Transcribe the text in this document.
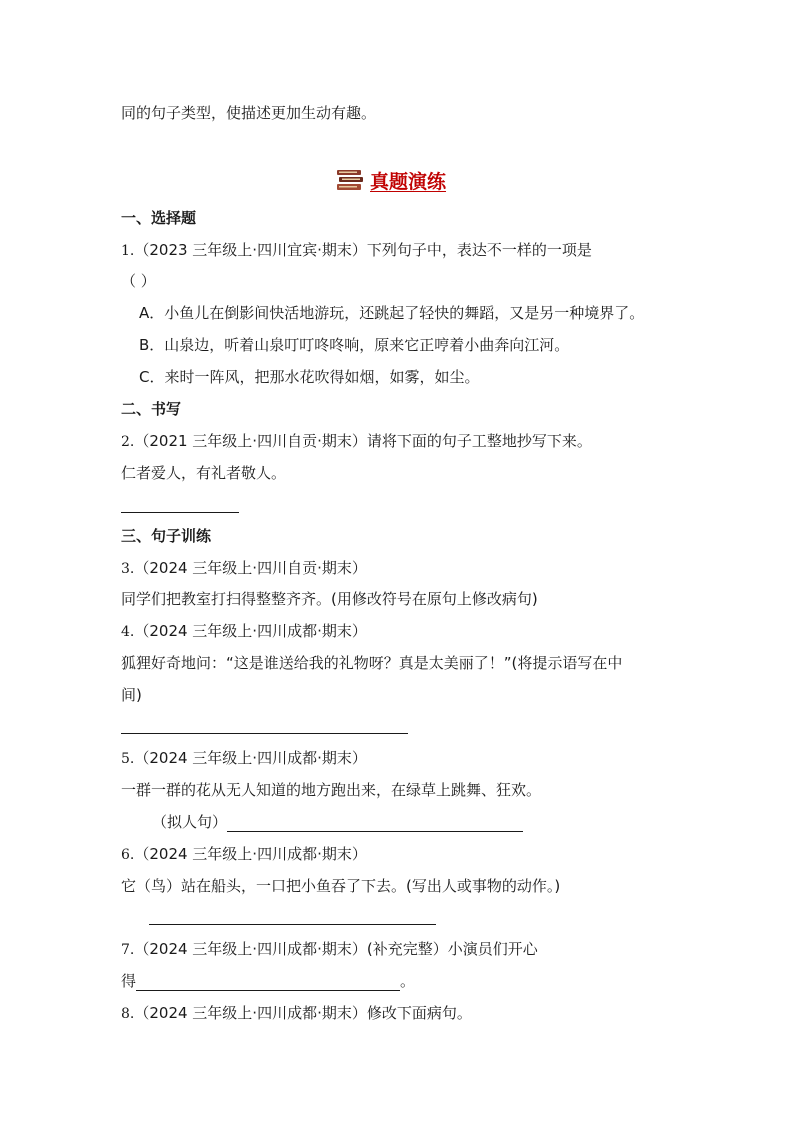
同的句子类型，使描述更加生动有趣。
真题演练
一、选择题
1.（2023 三年级上·四川宜宾·期末）下列句子中，表达不一样的一项是
（ ）
A．小鱼儿在倒影间快活地游玩，还跳起了轻快的舞蹈，又是另一种境界了。
B．山泉边，听着山泉叮叮咚咚响，原来它正哼着小曲奔向江河。
C．来时一阵风，把那水花吹得如烟，如雾，如尘。
二、书写
2.（2021 三年级上·四川自贡·期末）请将下面的句子工整地抄写下来。
仁者爱人，有礼者敬人。
三、句子训练
3.（2024 三年级上·四川自贡·期末）
同学们把教室打扫得整整齐齐。(用修改符号在原句上修改病句)
4.（2024 三年级上·四川成都·期末）
狐狸好奇地问：“这是谁送给我的礼物呀？真是太美丽了！”(将提示语写在中
间)
5.（2024 三年级上·四川成都·期末）
一群一群的花从无人知道的地方跑出来，在绿草上跳舞、狂欢。
（拟人句）
6.（2024 三年级上·四川成都·期末）
它（鸟）站在船头，一口把小鱼吞了下去。(写出人或事物的动作。)
7.（2024 三年级上·四川成都·期末）(补充完整）小演员们开心
得	。
8.（2024 三年级上·四川成都·期末）修改下面病句。
